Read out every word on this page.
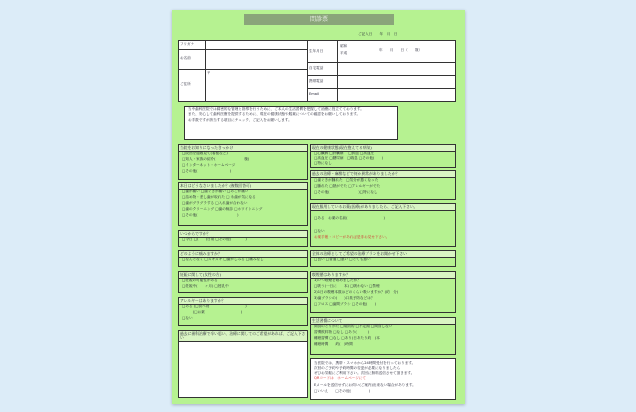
問診票
ご記入日　　年　月　日
フリガナ
お名前
ご住所
〒
生年月日
昭和
平成
年　　月　　日（　　歳）
自宅電話
携帯電話
Email

当中歯科医院では綿密的な管理と指導を行うために、ご本人の生活習慣を把握して治療に役立てております。

また、安心して歯科医療を提供するために、現在の健康状態や服薬についての確認をお願いしております。

お手数ですが該当する項目にチェック、ご記入をお願いします。

当院をお知りになったきっかけ
□院回を通販見て(看板など)
□知人・家族の紹介(　　　　　　　　様)
□インターネット・ホームページ
□その他(　　　　　　　　　)
本日はどうなさいましたか？(複数回答可)
□歯が痛い □歯ぐきが痛い □あごが痛い
□詰め物・差し歯が取れた □ 永歯が気になる
□歯がグラグラする □入れ歯が合わない
□歯のクリーニング □歯の検診 □ホワイトニング
□その他(　　　　　　　　　　　)
いつからですか？
□今日 □(　　)日前 □その他(　　　　)
どのように痛みますか？
□なんとなく □ズキズキ □歯がしみる □痛みなし
妊娠に関して(女性の方)
□妊娠の可能性がある
□妊娠中(　　ヶ月) □授乳中
アレルギーはありますか？
□ある (□食べ物　　　　　　　　　　)
　　　(□お薬　　　　　　　　　　)
□ない
過去に歯科治療で辛い思い、治療に関してのご希望があれば、ご記入下さい
現在の健康状態(現在抱えてる病気)
□心臓病 □肝臓病 　□貧血 □高血圧
□高血圧 □糖尿病　□喘息 □その他(　　)
□特になし
過去の治療・麻酔などで何か異常がありましたか？
□歯ぐきが腫れた　□気分が悪くなった
□腫れた □熱がでた □アレルギーがでた
□その他(　　　　　　　　)□特になし
現在服用しているお薬(医療)がありましたら、ご記入下さい。
□ある　お薬の名前(　　　　　　　　　　)
□ない
お薬手帳・コピーがあれば是非お見せ下さい。
全体の治療としてご希望の治療プランをお聞かせ下さい
□良い □普通 □悪い □とても悪い
喫煙歴はありますか？
1)いつ喫煙を始めましたか？
□吸う(一日に　　本) □吸わない □禁煙
2)1日の喫煙本数はどのくらい吸いますか？(約　分)
3)歯ブラシの(　　)口臭予防などは？
□フロス □歯間ブラシ □その他(　　)
生活習慣について
間食のとりかた □規則的 □不定期 □間食しない
習慣飲料物 □なし □あり(　　　)
睡眠習慣 □なし □あり(日あたり約　)本
睡眠時間　　約(　)時間
当医院では、携帯・スマホから24時間受付を行っております。
次回のご予約や予約時間の変更が必要になりましたら
ぜひお気軽にご利用下さい。次回に無料送信させて頂きます。
QRコードは　ホームページにて
Eメールを送信せずにお伺い(ご案内)出来ない場合があります。
□いいえ　　□その他(　　　　　)
